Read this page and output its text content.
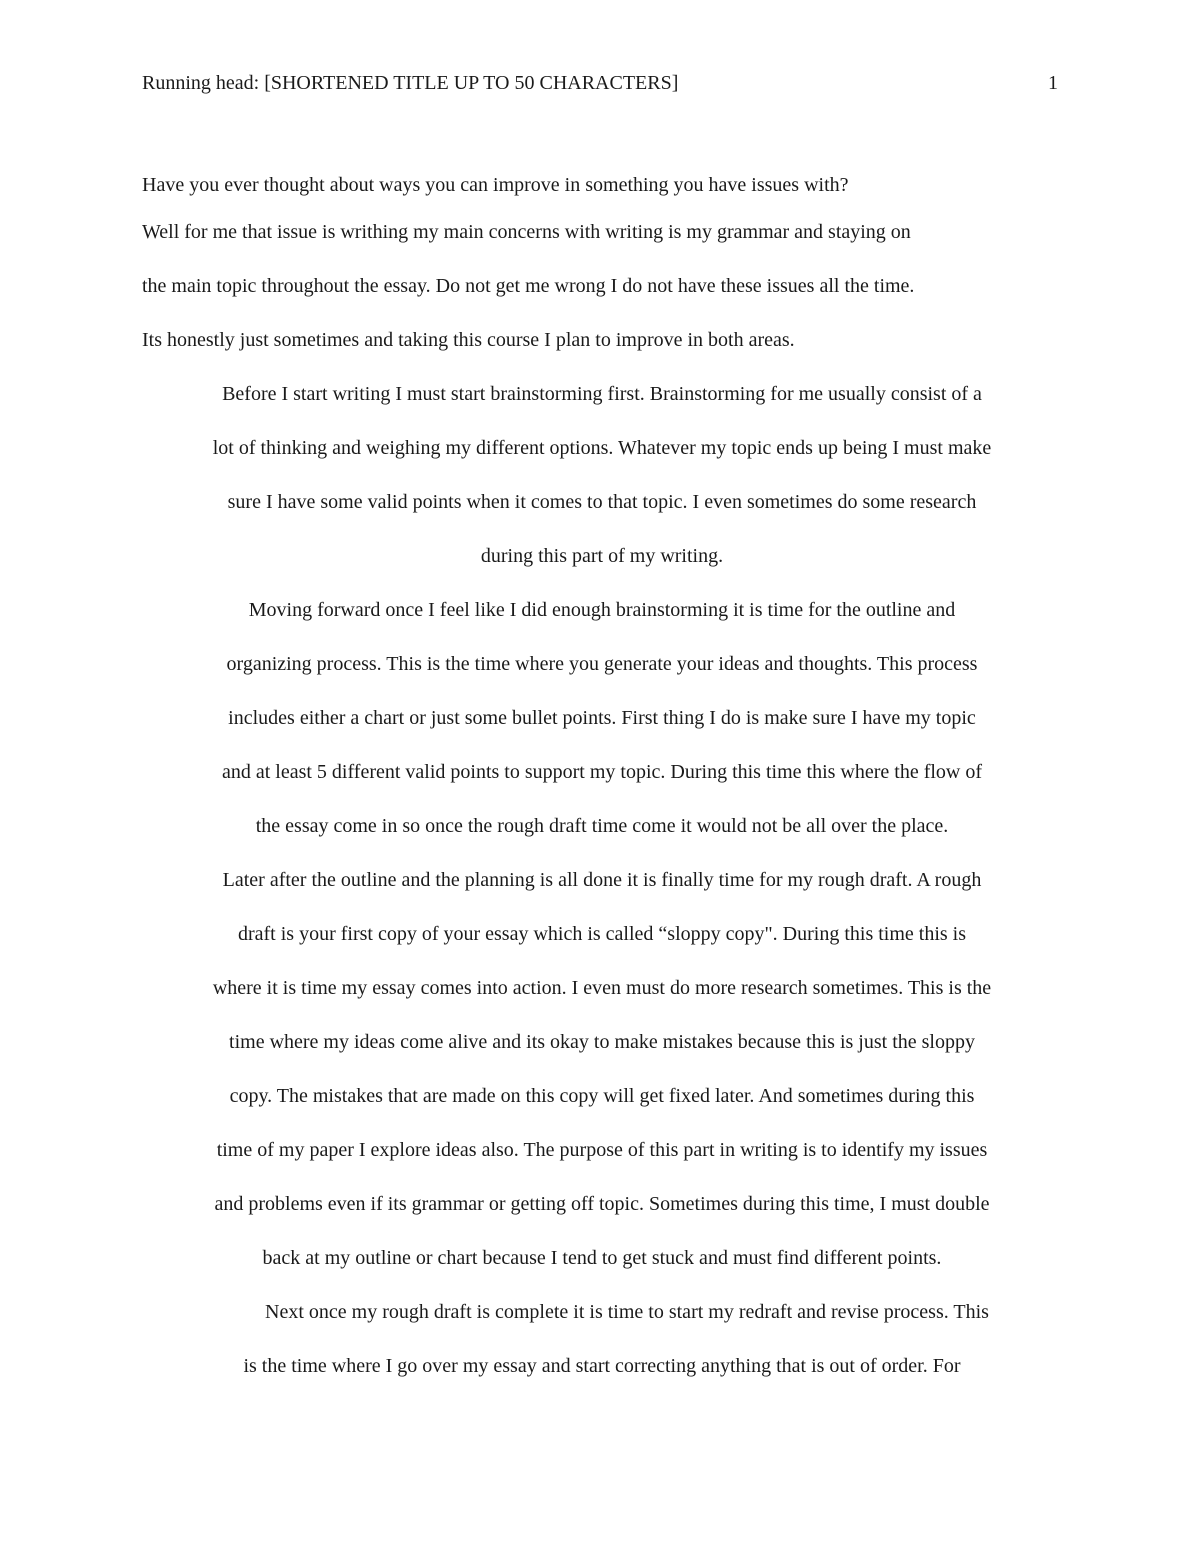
Running head: [SHORTENED TITLE UP TO 50 CHARACTERS]	1
Have you ever thought about ways you can improve in something you have issues with?
Well for me that issue is writhing my main concerns with writing is my grammar and staying on
the main topic throughout the essay. Do not get me wrong I do not have these issues all the time.
Its honestly just sometimes and taking this course I plan to improve in both areas.
Before I start writing I must start brainstorming first. Brainstorming for me usually consist of a
lot of thinking and weighing my different options. Whatever my topic ends up being I must make
sure I have some valid points when it comes to that topic. I even sometimes do some research
during this part of my writing.
Moving forward once I feel like I did enough brainstorming it is time for the outline and
organizing process. This is the time where you generate your ideas and thoughts. This process
includes either a chart or just some bullet points. First thing I do is make sure I have my topic
and at least 5 different valid points to support my topic. During this time this where the flow of
the essay come in so once the rough draft time come it would not be all over the place.
Later after the outline and the planning is all done it is finally time for my rough draft. A rough
draft is your first copy of your essay which is called “sloppy copy". During this time this is
where it is time my essay comes into action. I even must do more research sometimes. This is the
time where my ideas come alive and its okay to make mistakes because this is just the sloppy
copy. The mistakes that are made on this copy will get fixed later. And sometimes during this
time of my paper I explore ideas also. The purpose of this part in writing is to identify my issues
and problems even if its grammar or getting off topic. Sometimes during this time, I must double
back at my outline or chart because I tend to get stuck and must find different points.
Next once my rough draft is complete it is time to start my redraft and revise process. This
is the time where I go over my essay and start correcting anything that is out of order. For
